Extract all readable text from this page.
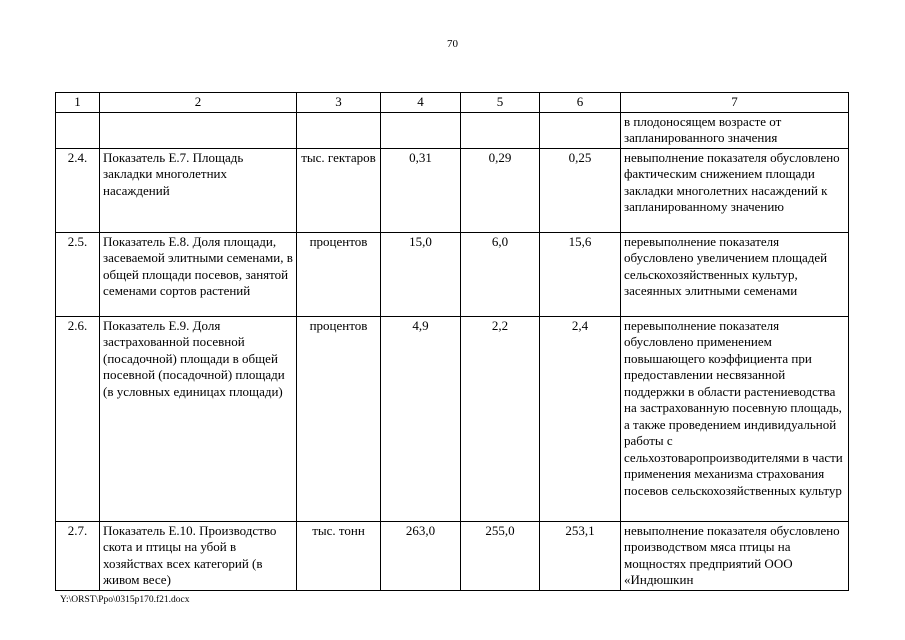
70
1	2	3	4	5	6	7
						в плодоносящем возрасте от запланированного значения
2.4.	Показатель Е.7. Площадь закладки многолетних насаждений	тыс. гектаров	0,31	0,29	0,25	невыполнение показателя обусловлено фактическим снижением площади закладки многолетних насаждений к запланированному значению
2.5.	Показатель Е.8. Доля площади, засеваемой элитными семенами, в общей площади посевов, занятой семенами сортов растений	процентов	15,0	6,0	15,6	перевыполнение показателя обусловлено увеличением площадей сельскохозяйственных культур, засеянных элитными семенами
2.6.	Показатель Е.9. Доля застрахованной посевной (посадочной) площади в общей посевной (посадочной) площади (в условных единицах площади)	процентов	4,9	2,2	2,4	перевыполнение показателя обусловлено применением повышающего коэффициента при предоставлении несвязанной поддержки в области растениеводства на застрахованную посевную площадь, а также проведением индивидуальной работы с сельхозтоваропроизводителями в части применения механизма страхования посевов сельскохозяйственных культур
2.7.	Показатель Е.10. Производство скота и птицы на убой в хозяйствах всех категорий (в живом весе)	тыс. тонн	263,0	255,0	253,1	невыполнение показателя обусловлено производством мяса птицы на мощностях предприятий ООО «Индюшкин
Y:\ORST\Ppo\0315p170.f21.docx
